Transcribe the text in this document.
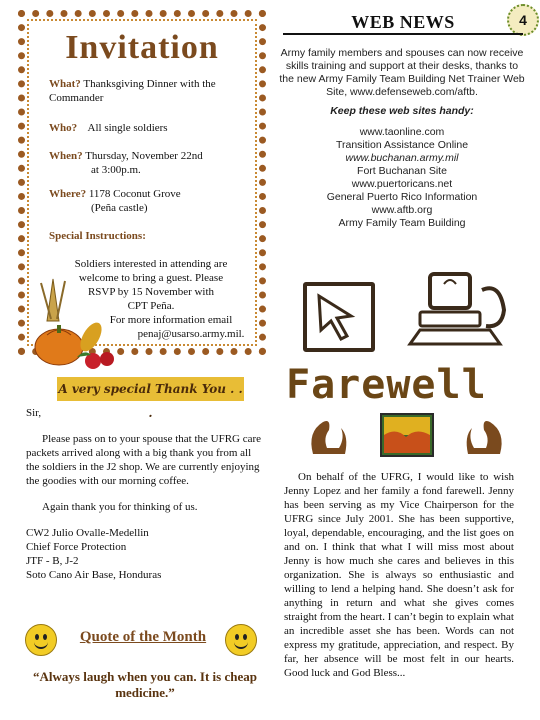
4
Invitation
What? Thanksgiving Dinner with the Commander
Who? All single soldiers
When? Thursday, November 22nd
at 3:00p.m.
Where? 1178 Coconut Grove
(Peña castle)
Special Instructions:
Soldiers interested in attending are
welcome to bring a guest. Please
RSVP by 15 November with
CPT Peña.
For more information email
penaj@usarso.army.mil.
A very special Thank You . . .

Sir,

Please pass on to your spouse that the UFRG care packets arrived along with a big thank you from all the soldiers in the J2 shop. We are currently enjoying the goodies with our morning coffee.

Again thank you for thinking of us.

CW2 Julio Ovalle-Medellin
Chief Force Protection
JTF - B, J-2
Soto Cano Air Base, Honduras
Quote of the Month
“Always laugh when you can. It is cheap medicine.”
WEB NEWS
Army family members and spouses can now receive skills training and support at their desks, thanks to the new Army Family Team Building Net Trainer Web Site, www.defenseweb.com/aftb.
Keep these web sites handy:
www.taonline.com
Transition Assistance Online
www.buchanan.army.mil
Fort Buchanan Site
www.puertoricans.net
General Puerto Rico Information
www.aftb.org
Army Family Team Building
Farewell
On behalf of the UFRG, I would like to wish Jenny Lopez and her family a fond farewell. Jenny has been serving as my Vice Chairperson for the UFRG since July 2001. She has been supportive, loyal, dependable, encouraging, and the list goes on and on. I think that what I will miss most about Jenny is how much she cares and believes in this organization. She is always so enthusiastic and willing to lend a helping hand. She doesn’t ask for anything in return and what she gives comes straight from the heart. I can’t begin to explain what an incredible asset she has been. Words can not express my gratitude, appreciation, and respect. By far, her absence will be most felt in our hearts. Good luck and God Bless...
